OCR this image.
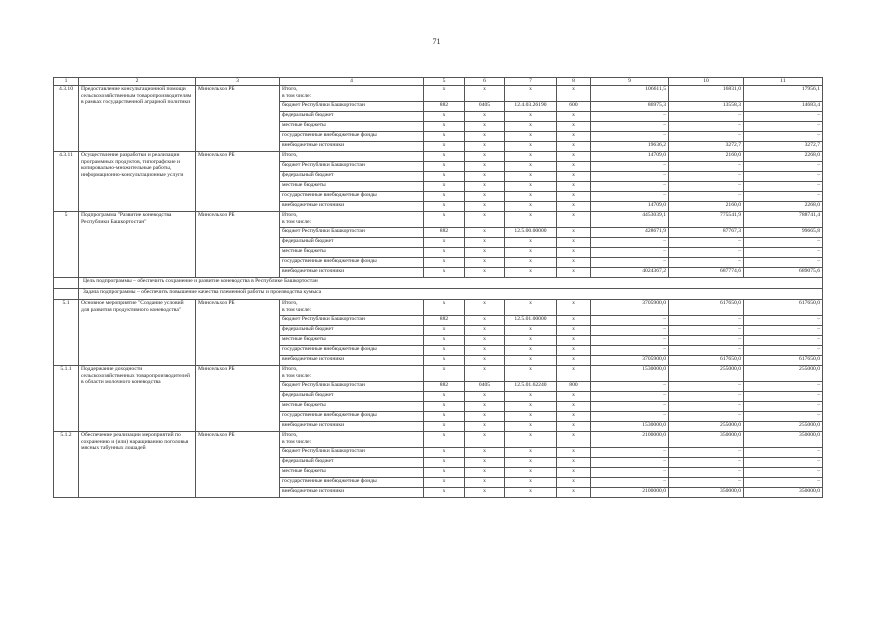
71
1	2	3	4	5	6	7	8	9	10	11
4.3.10	Предоставление консультационной помощи сельскохозяйственным товаропроизводителям в рамках государственной аграрной политики	Минсельхоз РБ	Итого,
в том числе:	x	x	x	x	106611,5	16831,0	17956,1
			бюджет Республики Башкортостан	882	0405	12.4.03.26190	600	86975,3	13558,3	14683,4
			федеральный бюджет	x	x	x	x	–	–	–
			местные бюджеты	x	x	x	x	–	–	–
			государственные внебюджетные фонды	x	x	x	x	–	–	–
			внебюджетные источники	x	x	x	x	19636,2	3272,7	3272,7
4.3.11	Осуществление разработки и реализации программных продуктов, типографские и копировально-множительные работы, информационно-консультационные услуги	Минсельхоз РБ	Итого,	x	x	x	x	14709,0	2160,0	2268,0
			бюджет Республики Башкортостан	x	x	x	x	–	–	–
			федеральный бюджет	x	x	x	x	–	–	–
			местные бюджеты	x	x	x	x	–	–	–
			государственные внебюджетные фонды	x	x	x	x	–	–	–
			внебюджетные источники	x	x	x	x	14709,0	2160,0	2268,0
5	Подпрограмма "Развитие коневодства Республики Башкортостан"	Минсельхоз РБ	Итого,
в том числе:	x	x	x	x	4453039,1	775541,9	788741,4
			бюджет Республики Башкортостан	882	x	12.5.00.00000	x	428671,9	87767,3	99665,8
			федеральный бюджет	x	x	x	x	–	–	–
			местные бюджеты	x	x	x	x	–	–	–
			государственные внебюджетные фонды	x	x	x	x	–	–	–
			внебюджетные источники	x	x	x	x	4024367,2	687774,6	689075,6
	Цель подпрограммы – обеспечить сохранение и развитие коневодства в Республике Башкортостан									
	Задача подпрограммы – обеспечить повышение качества племенной работы и производства кумыса									
5.1	Основное мероприятие "Создание условий для развития продуктивного коневодства"	Минсельхоз РБ	Итого,
в том числе:	x	x	x	x	3705900,0	617650,0	617650,0
			бюджет Республики Башкортостан	882	x	12.5.01.00000	x	–	–	–
			федеральный бюджет	x	x	x	x	–	–	–
			местные бюджеты	x	x	x	x	–	–	–
			государственные внебюджетные фонды	x	x	x	x	–	–	–
			внебюджетные источники	x	x	x	x	3705900,0	617650,0	617650,0
5.1.1	Поддержание доходности сельскохозяйственных товаропроизводителей в области молочного коневодства	Минсельхоз РБ	Итого,
в том числе:	x	x	x	x	1530000,0	255000,0	255000,0
			бюджет Республики Башкортостан	882	0405	12.5.01.62240	800	–	–	–
			федеральный бюджет	x	x	x	x	–	–	–
			местные бюджеты	x	x	x	x	–	–	–
			государственные внебюджетные фонды	x	x	x	x	–	–	–
			внебюджетные источники	x	x	x	x	1530000,0	255000,0	255000,0
5.1.2	Обеспечение реализации мероприятий по сохранению и (или) наращиванию поголовья мясных табунных лошадей	Минсельхоз РБ	Итого,
в том числе:	x	x	x	x	2100000,0	350000,0	350000,0
			бюджет Республики Башкортостан	x	x	x	x	–	–	–
			федеральный бюджет	x	x	x	x	–	–	–
			местные бюджеты	x	x	x	x	–	–	–
			государственные внебюджетные фонды	x	x	x	x	–	–	–
			внебюджетные источники	x	x	x	x	2100000,0	350000,0	350000,0
